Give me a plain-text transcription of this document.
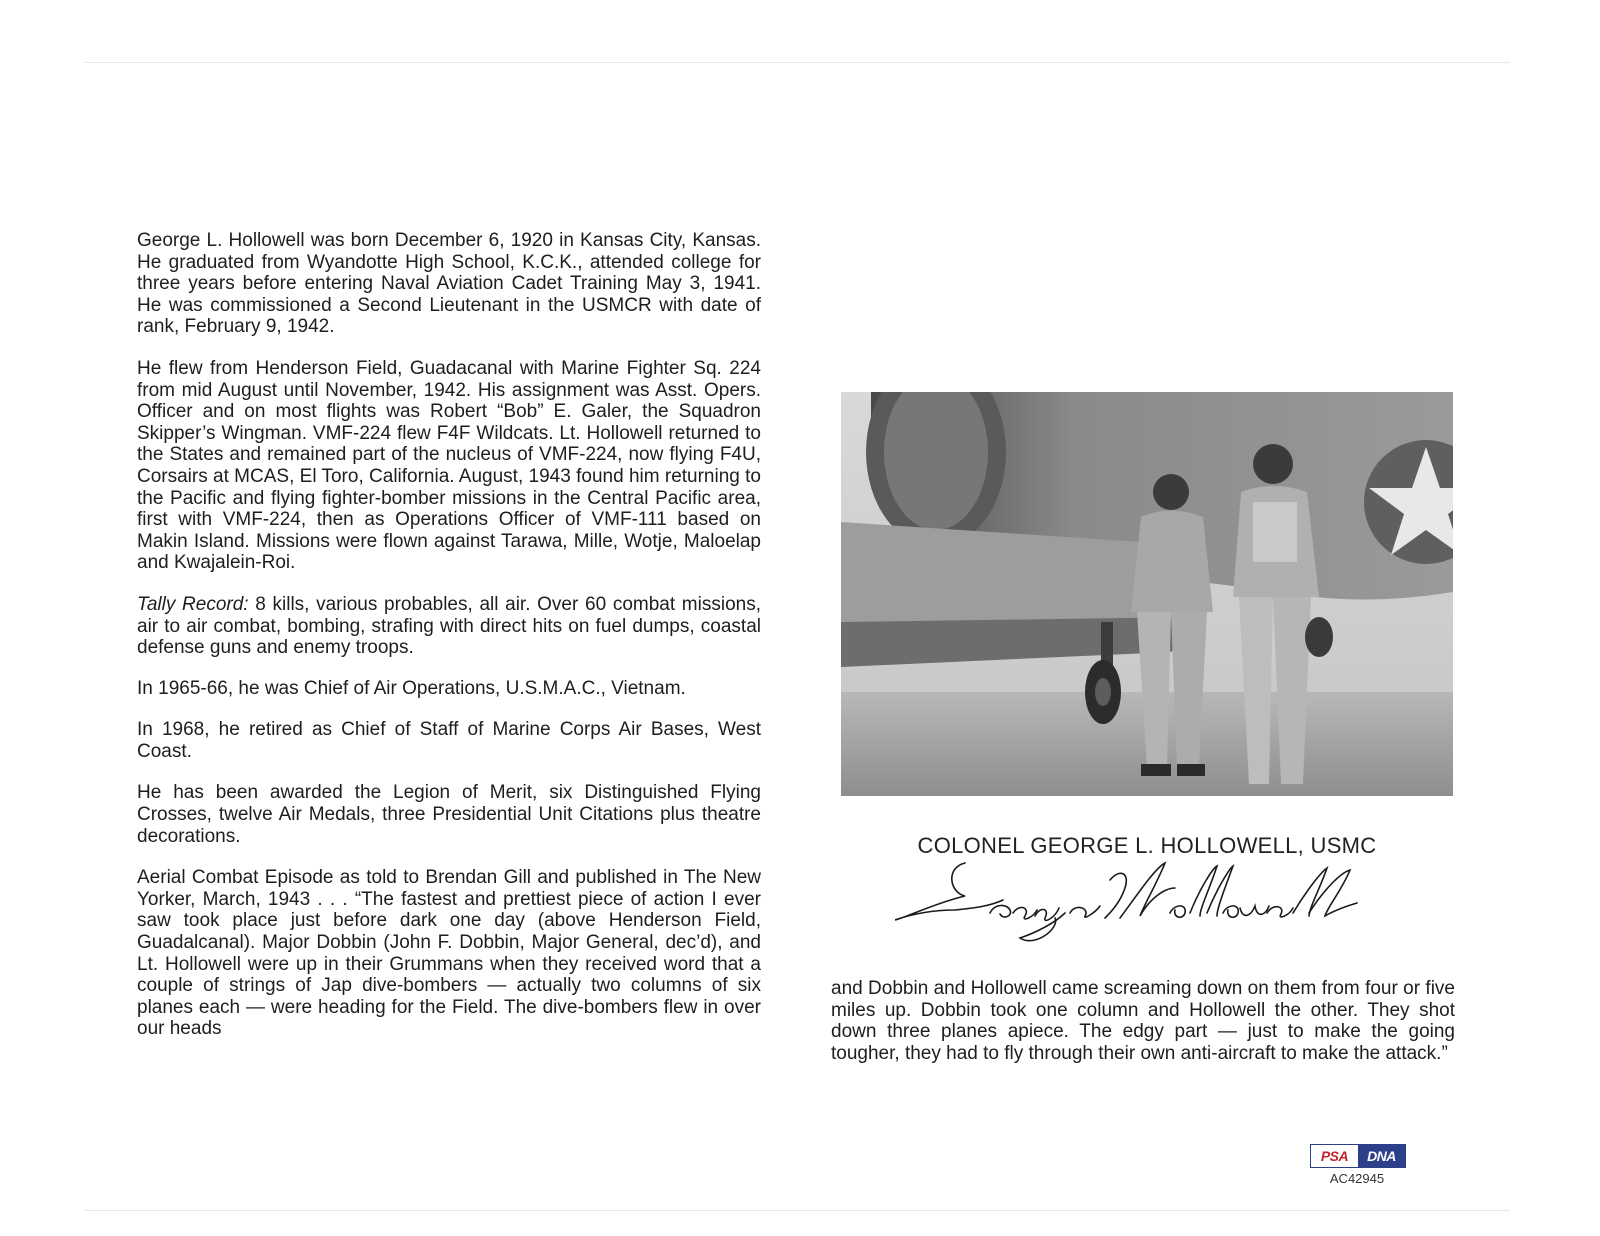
George L. Hollowell was born December 6, 1920 in Kansas City, Kansas. He graduated from Wyandotte High School, K.C.K., attended college for three years before entering Naval Aviation Cadet Training May 3, 1941. He was commissioned a Second Lieutenant in the USMCR with date of rank, February 9, 1942.

He flew from Henderson Field, Guadacanal with Marine Fighter Sq. 224 from mid August until November, 1942. His assignment was Asst. Opers. Officer and on most flights was Robert “Bob” E. Galer, the Squadron Skipper’s Wingman. VMF-224 flew F4F Wildcats. Lt. Hollowell returned to the States and remained part of the nucleus of VMF-224, now flying F4U, Corsairs at MCAS, El Toro, California. August, 1943 found him returning to the Pacific and flying fighter-bomber missions in the Central Pacific area, first with VMF-224, then as Operations Officer of VMF-111 based on Makin Island. Missions were flown against Tarawa, Mille, Wotje, Maloelap and Kwajalein-Roi.

Tally Record: 8 kills, various probables, all air. Over 60 combat missions, air to air combat, bombing, strafing with direct hits on fuel dumps, coastal defense guns and enemy troops.

In 1965-66, he was Chief of Air Operations, U.S.M.A.C., Vietnam.

In 1968, he retired as Chief of Staff of Marine Corps Air Bases, West Coast.

He has been awarded the Legion of Merit, six Distinguished Flying Crosses, twelve Air Medals, three Presidential Unit Citations plus theatre decorations.

Aerial Combat Episode as told to Brendan Gill and published in The New Yorker, March, 1943 . . . “The fastest and prettiest piece of action I ever saw took place just before dark one day (above Henderson Field, Guadalcanal). Major Dobbin (John F. Dobbin, Major General, dec’d), and Lt. Hollowell were up in their Grummans when they received word that a couple of strings of Jap dive-bombers — actually two columns of six planes each — were heading for the Field. The dive-bombers flew in over our heads

COLONEL GEORGE L. HOLLOWELL, USMC

and Dobbin and Hollowell came screaming down on them from four or five miles up. Dobbin took one column and Hollowell the other. They shot down three planes apiece. The edgy part — just to make the going tougher, they had to fly through their own anti-aircraft to make the attack.”

PSA	DNA
AC42945
